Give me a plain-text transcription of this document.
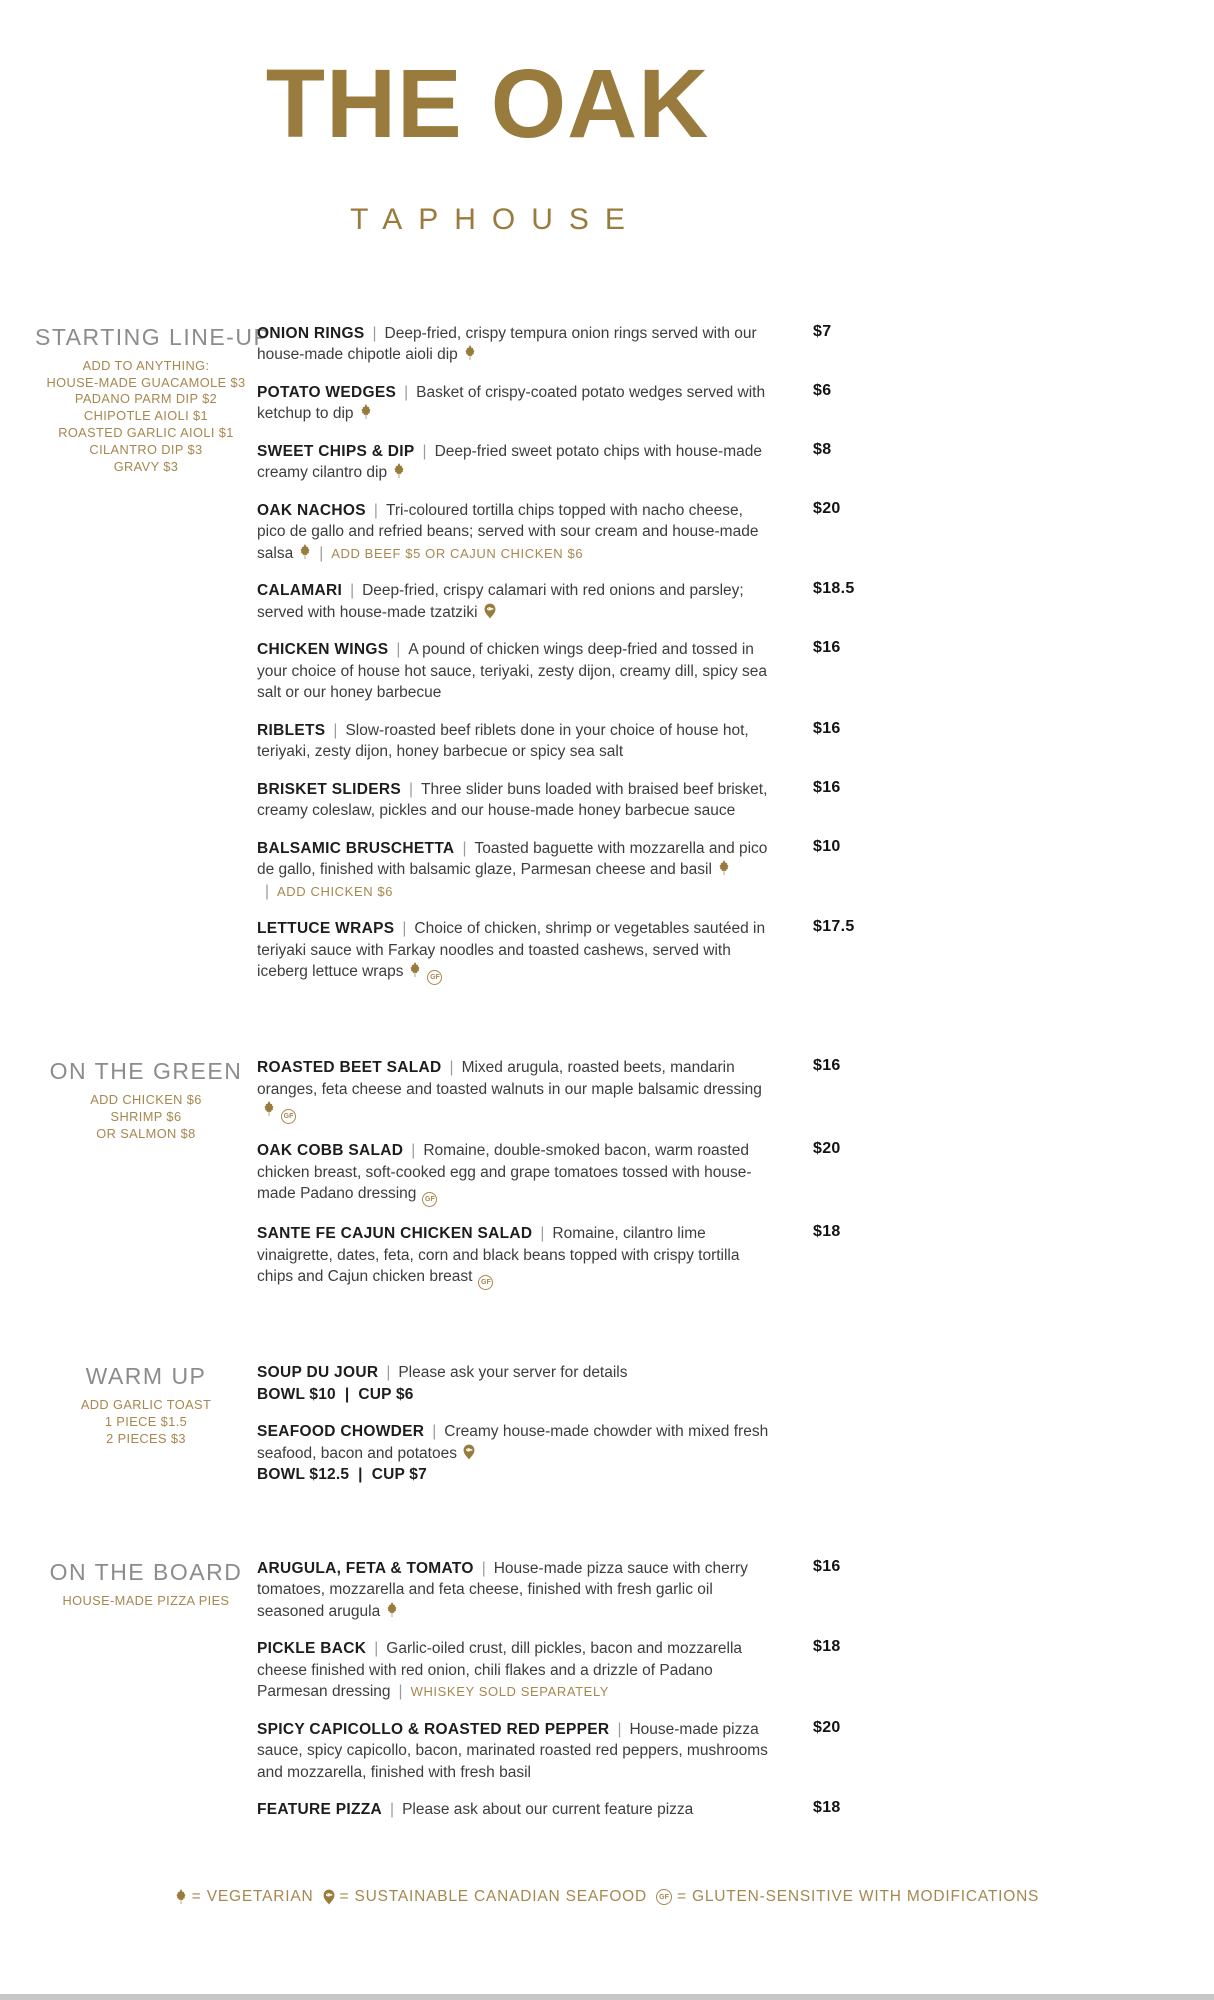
THE OAK
TAPHOUSE
STARTING LINE-UP
ADD TO ANYTHING:
HOUSE-MADE GUACAMOLE $3
PADANO PARM DIP $2
CHIPOTLE AIOLI $1
ROASTED GARLIC AIOLI $1
CILANTRO DIP $3
GRAVY $3
ONION RINGS | Deep-fried, crispy tempura onion rings served with our house-made chipotle aioli dip
$7
POTATO WEDGES | Basket of crispy-coated potato wedges served with ketchup to dip
$6
SWEET CHIPS & DIP | Deep-fried sweet potato chips with house-made creamy cilantro dip
$8
OAK NACHOS | Tri-coloured tortilla chips topped with nacho cheese, pico de gallo and refried beans; served with sour cream and house-made salsa | ADD BEEF $5 OR CAJUN CHICKEN $6
$20
CALAMARI | Deep-fried, crispy calamari with red onions and parsley; served with house-made tzatziki
$18.5
CHICKEN WINGS | A pound of chicken wings deep-fried and tossed in your choice of house hot sauce, teriyaki, zesty dijon, creamy dill, spicy sea salt or our honey barbecue
$16
RIBLETS | Slow-roasted beef riblets done in your choice of house hot, teriyaki, zesty dijon, honey barbecue or spicy sea salt
$16
BRISKET SLIDERS | Three slider buns loaded with braised beef brisket, creamy coleslaw, pickles and our house-made honey barbecue sauce
$16
BALSAMIC BRUSCHETTA | Toasted baguette with mozzarella and pico de gallo, finished with balsamic glaze, Parmesan cheese and basil| ADD CHICKEN $6
$10
LETTUCE WRAPS | Choice of chicken, shrimp or vegetables sautéed in teriyaki sauce with Farkay noodles and toasted cashews, served with iceberg lettuce wraps	GF
$17.5
ON THE GREEN
ADD CHICKEN $6
SHRIMP $6
OR SALMON $8
ROASTED BEET SALAD | Mixed arugula, roasted beets, mandarin oranges, feta cheese and toasted walnuts in our maple balsamic dressingGF
$16
OAK COBB SALAD | Romaine, double-smoked bacon, warm roasted chicken breast, soft-cooked egg and grape tomatoes tossed with house-made Padano dressing GF
$20
SANTE FE CAJUN CHICKEN SALAD | Romaine, cilantro lime vinaigrette, dates, feta, corn and black beans topped with crispy tortilla chips and Cajun chicken breast GF
$18
WARM UP
ADD GARLIC TOAST
1 PIECE $1.5
2 PIECES $3
SOUP DU JOUR | Please ask your server for details
BOWL $10  |  CUP $6
SEAFOOD CHOWDER | Creamy house-made chowder with mixed fresh seafood, bacon and potatoes
BOWL $12.5  |  CUP $7
ON THE BOARD
HOUSE-MADE PIZZA PIES
ARUGULA, FETA & TOMATO | House-made pizza sauce with cherry tomatoes, mozzarella and feta cheese, finished with fresh garlic oil seasoned arugula
$16
PICKLE BACK | Garlic-oiled crust, dill pickles, bacon and mozzarella cheese finished with red onion, chili flakes and a drizzle of Padano Parmesan dressing | WHISKEY SOLD SEPARATELY
$18
SPICY CAPICOLLO & ROASTED RED PEPPER | House-made pizza sauce, spicy capicollo, bacon, marinated roasted red peppers, mushrooms and mozzarella, finished with fresh basil
$20
FEATURE PIZZA | Please ask about our current feature pizza	$18
= VEGETARIAN = SUSTAINABLE CANADIAN SEAFOOD	GF = GLUTEN-SENSITIVE WITH MODIFICATIONS
